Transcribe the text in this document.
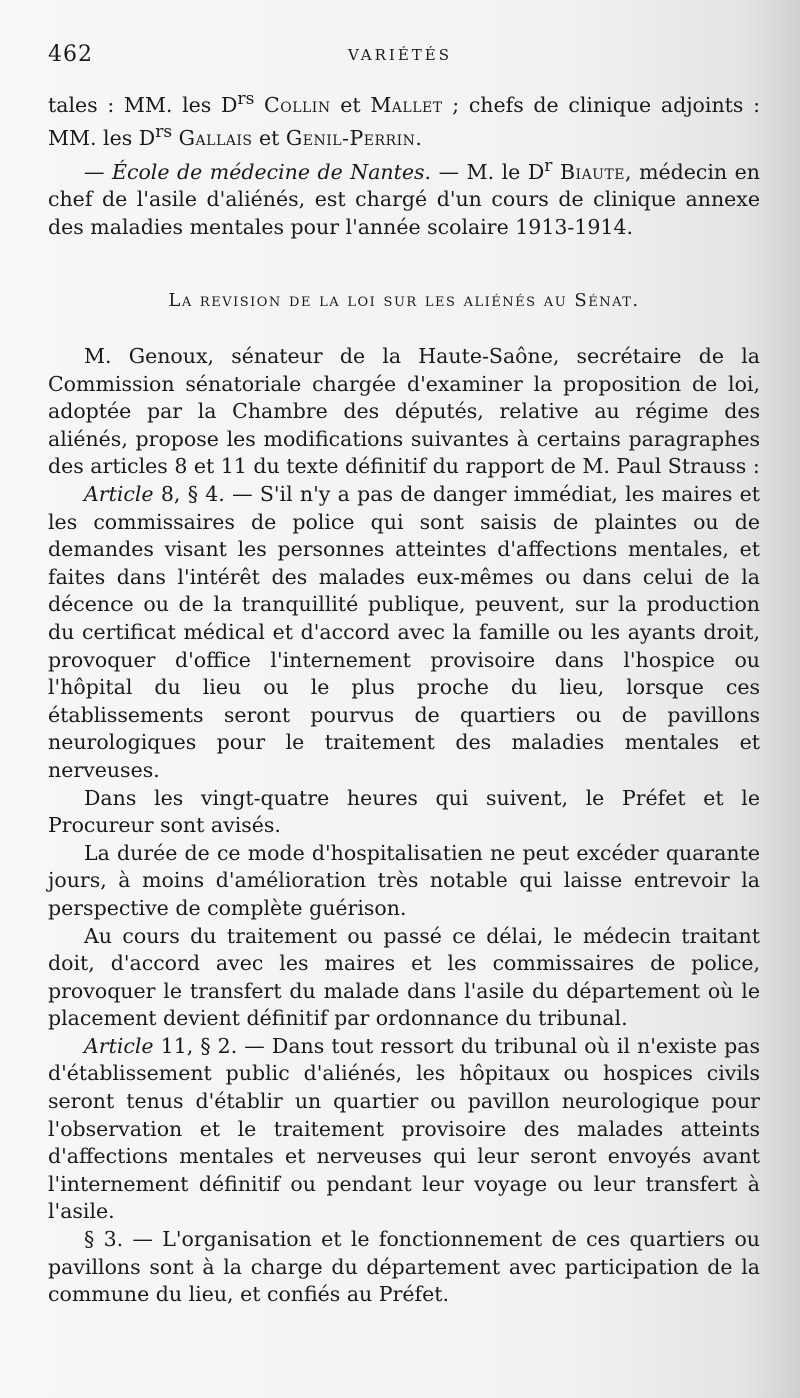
462	VARIÉTÉS

tales : MM. les $D^{rs}$ Collin et Mallet ; chefs de clinique adjoints : MM. les $D^{rs}$ Gallais et Genil-Perrin.

— École de médecine de Nantes. — M. le $D^r$ Biaute, médecin en chef de l'asile d'aliénés, est chargé d'un cours de clinique annexe des maladies mentales pour l'année scolaire 1913-1914.

La revision de la loi sur les aliénés au Sénat.

M. Genoux, sénateur de la Haute-Saône, secrétaire de la Commission sénatoriale chargée d'examiner la proposition de loi, adoptée par la Chambre des députés, relative au régime des aliénés, propose les modifications suivantes à certains paragraphes des articles 8 et 11 du texte définitif du rapport de M. Paul Strauss :

Article 8, § 4. — S'il n'y a pas de danger immédiat, les maires et les commissaires de police qui sont saisis de plaintes ou de demandes visant les personnes atteintes d'affections mentales, et faites dans l'intérêt des malades eux-mêmes ou dans celui de la décence ou de la tranquillité publique, peuvent, sur la production du certificat médical et d'accord avec la famille ou les ayants droit, provoquer d'office l'internement provisoire dans l'hospice ou l'hôpital du lieu ou le plus proche du lieu, lorsque ces établissements seront pourvus de quartiers ou de pavillons neurologiques pour le traitement des maladies mentales et nerveuses.

Dans les vingt-quatre heures qui suivent, le Préfet et le Procureur sont avisés.

La durée de ce mode d'hospitalisatien ne peut excéder quarante jours, à moins d'amélioration très notable qui laisse entrevoir la perspective de complète guérison.

Au cours du traitement ou passé ce délai, le médecin traitant doit, d'accord avec les maires et les commissaires de police, provoquer le transfert du malade dans l'asile du département où le placement devient définitif par ordonnance du tribunal.

Article 11, § 2. — Dans tout ressort du tribunal où il n'existe pas d'établissement public d'aliénés, les hôpitaux ou hospices civils seront tenus d'établir un quartier ou pavillon neurologique pour l'observation et le traitement provisoire des malades atteints d'affections mentales et nerveuses qui leur seront envoyés avant l'internement définitif ou pendant leur voyage ou leur transfert à l'asile.

§ 3. — L'organisation et le fonctionnement de ces quartiers ou pavillons sont à la charge du département avec participation de la commune du lieu, et confiés au Préfet.
